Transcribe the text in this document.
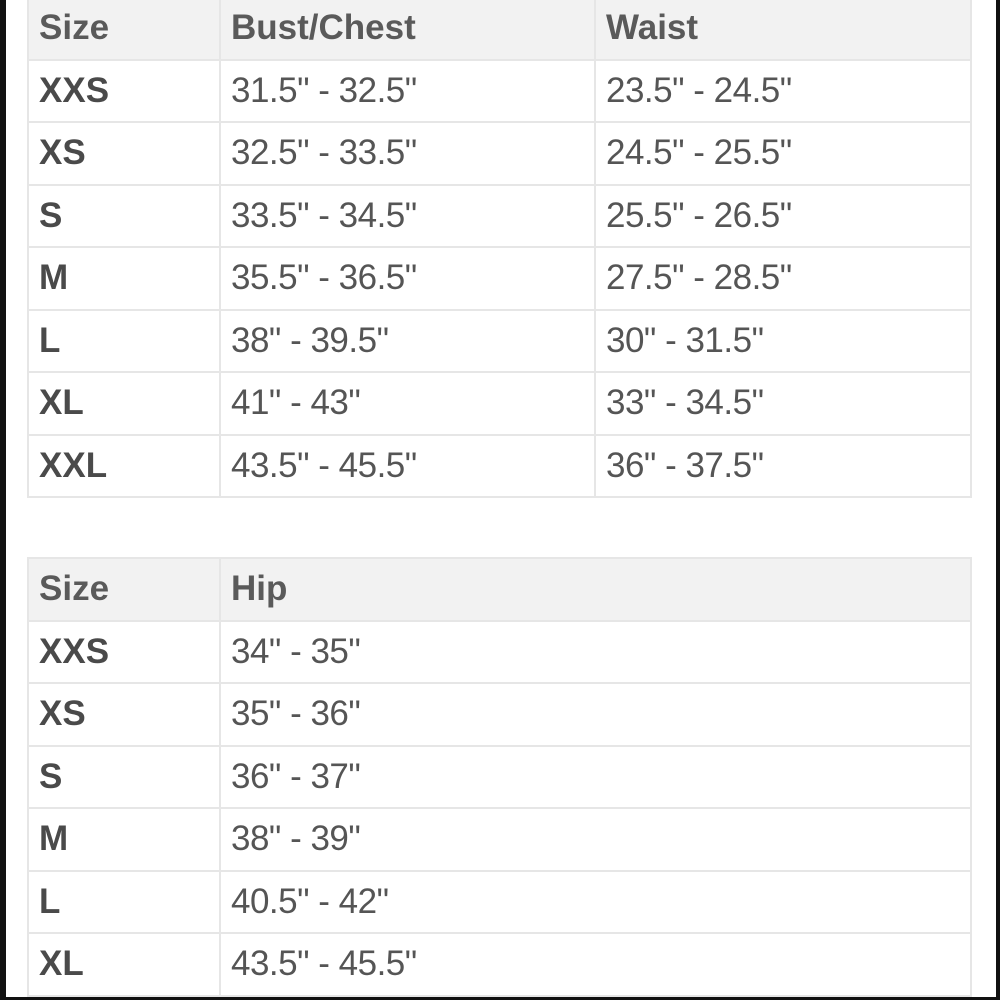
Size	Bust/Chest	Waist
XXS	31.5" - 32.5"	23.5" - 24.5"
XS	32.5" - 33.5"	24.5" - 25.5"
S	33.5" - 34.5"	25.5" - 26.5"
M	35.5" - 36.5"	27.5" - 28.5"
L	38" - 39.5"	30" - 31.5"
XL	41" - 43"	33" - 34.5"
XXL	43.5" - 45.5"	36" - 37.5"
Size	Hip
XXS	34" - 35"
XS	35" - 36"
S	36" - 37"
M	38" - 39"
L	40.5" - 42"
XL	43.5" - 45.5"
